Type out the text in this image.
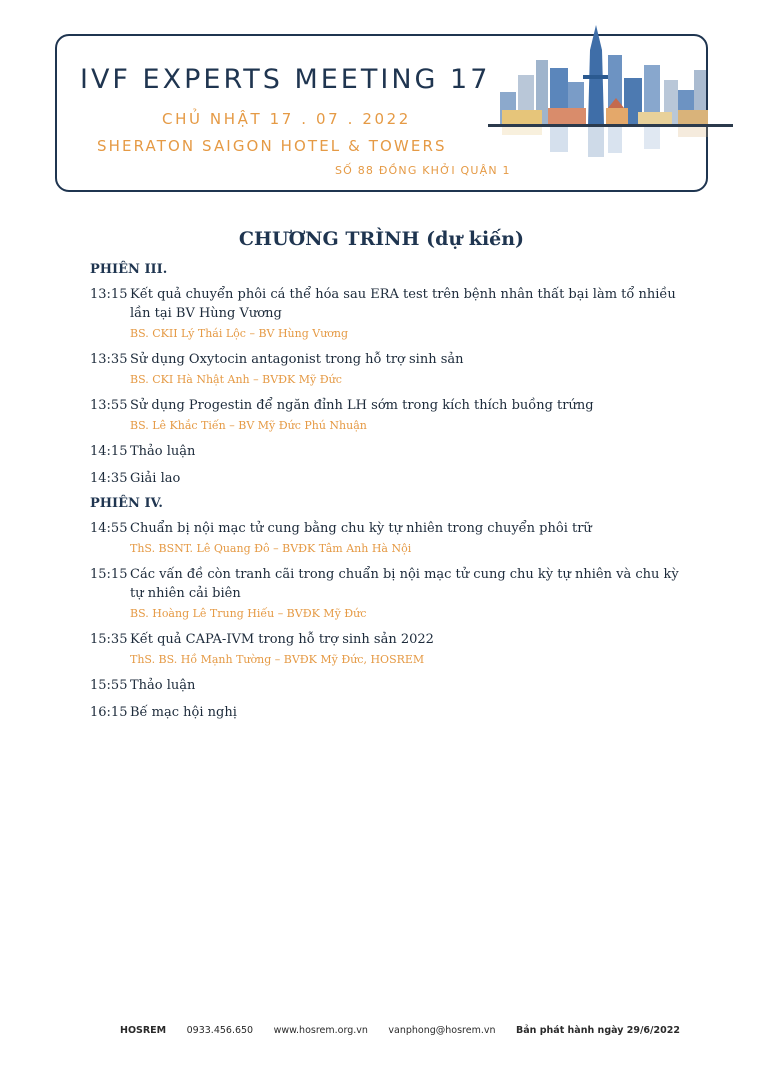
IVF EXPERTS MEETING 17
CHỦ NHẬT 17 . 07 . 2022
SHERATON SAIGON HOTEL & TOWERS
SỐ 88 ĐỒNG KHỞI QUẬN 1
CHƯƠNG TRÌNH (dự kiến)
PHIÊN III.
13:15 Kết quả chuyển phôi cá thể hóa sau ERA test trên bệnh nhân thất bại làm tổ nhiều lần tại BV Hùng Vương
BS. CKII Lý Thái Lộc – BV Hùng Vương
13:35 Sử dụng Oxytocin antagonist trong hỗ trợ sinh sản
BS. CKI Hà Nhật Anh – BVĐK Mỹ Đức
13:55 Sử dụng Progestin để ngăn đỉnh LH sớm trong kích thích buồng trứng
BS. Lê Khắc Tiến – BV Mỹ Đức Phú Nhuận
14:15 Thảo luận
14:35 Giải lao
PHIÊN IV.
14:55 Chuẩn bị nội mạc tử cung bằng chu kỳ tự nhiên trong chuyển phôi trữ
ThS. BSNT. Lê Quang Đô – BVĐK Tâm Anh Hà Nội
15:15 Các vấn đề còn tranh cãi trong chuẩn bị nội mạc tử cung chu kỳ tự nhiên và chu kỳ tự nhiên cải biên
BS. Hoàng Lê Trung Hiếu – BVĐK Mỹ Đức
15:35 Kết quả CAPA-IVM trong hỗ trợ sinh sản 2022
ThS. BS. Hồ Mạnh Tường – BVĐK Mỹ Đức, HOSREM
15:55 Thảo luận
16:15 Bế mạc hội nghị
HOSREM 0933.456.650 www.hosrem.org.vn vanphong@hosrem.vn Bản phát hành ngày 29/6/2022
